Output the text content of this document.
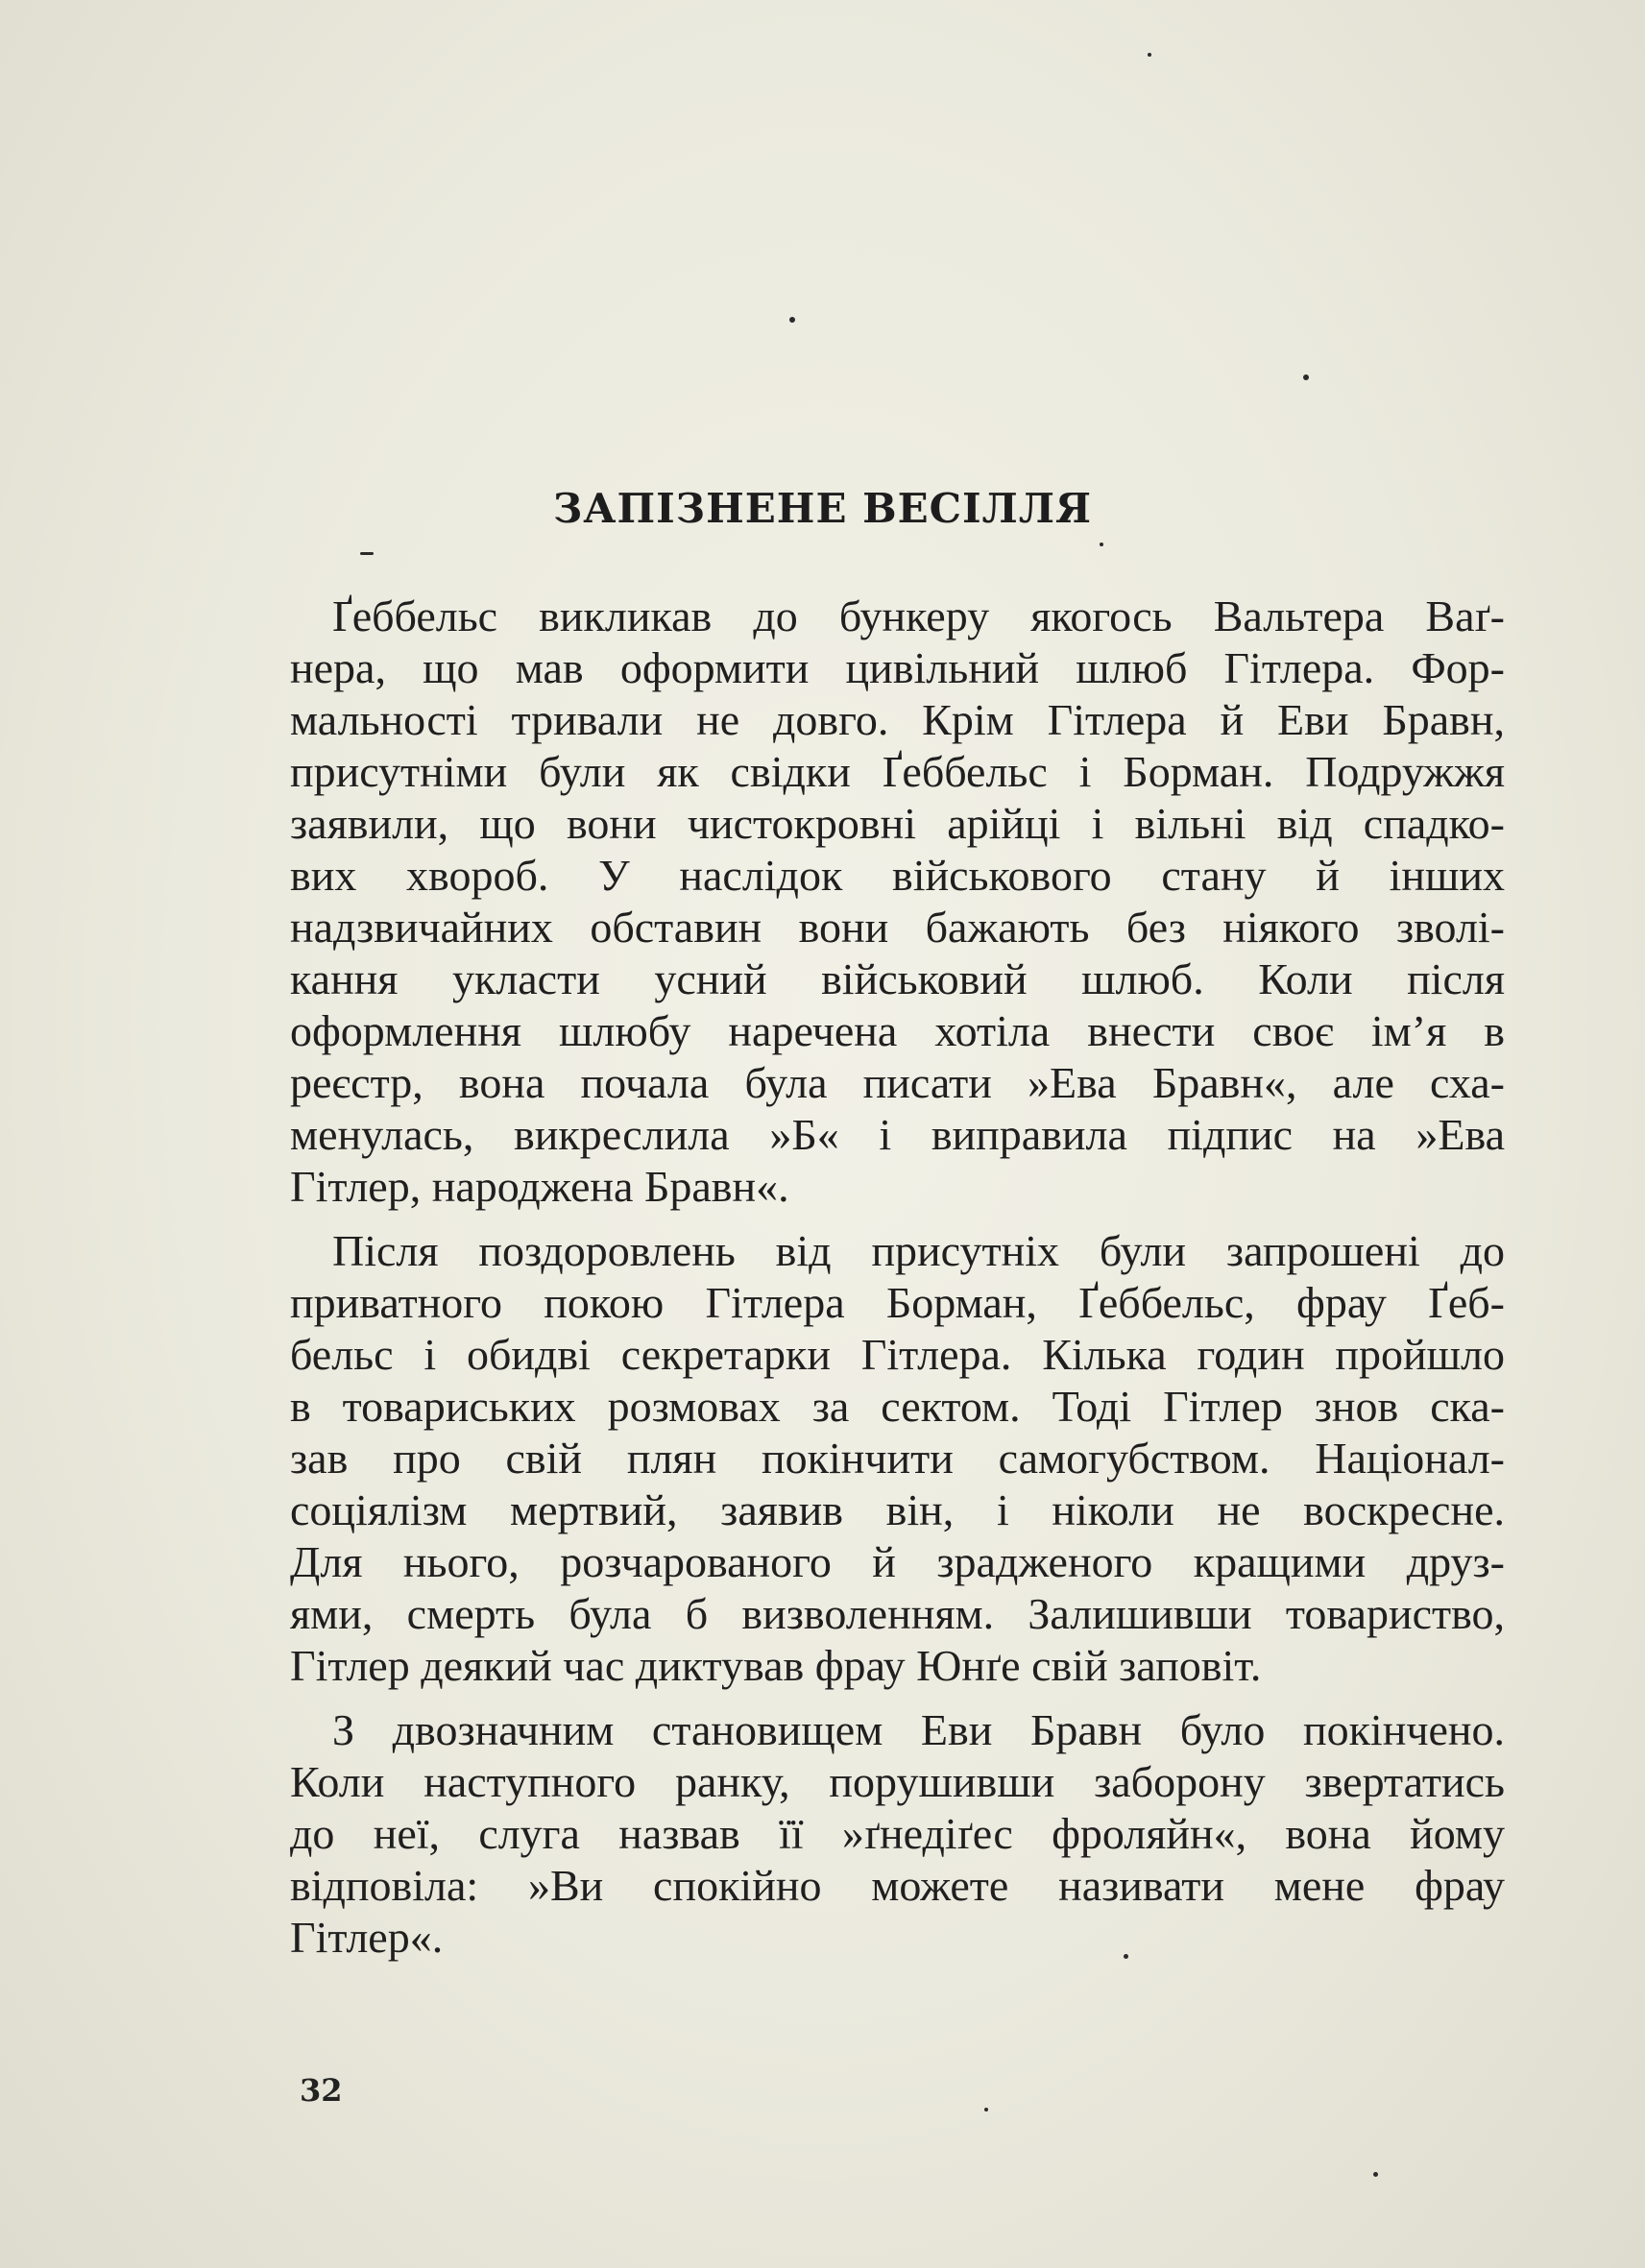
ЗАПІЗНЕНЕ ВЕСІЛЛЯ
Ґеббельс викликав до бункеру якогось Вальтера Ваґ-
нера, що мав оформити цивільний шлюб Гітлера. Фор-
мальності тривали не довго. Крім Гітлера й Еви Бравн,
присутніми були як свідки Ґеббельс і Борман. Подружжя
заявили, що вони чистокровні арійці і вільні від спадко-
вих хвороб. У наслідок військового стану й інших
надзвичайних обставин вони бажають без ніякого зволі-
кання укласти усний військовий шлюб. Коли після
оформлення шлюбу наречена хотіла внести своє ім’я в
реєстр, вона почала була писати »Ева Бравн«, але сха-
менулась, викреслила »Б« і виправила підпис на »Ева
Гітлер, народжена Бравн«.
Після поздоровлень від присутніх були запрошені до
приватного покою Гітлера Борман, Ґеббельс, фрау Ґеб-
бельс і обидві секретарки Гітлера. Кілька годин пройшло
в товариських розмовах за сектом. Тоді Гітлер знов ска-
зав про свій плян покінчити самогубством. Націонал-
соціялізм мертвий, заявив він, і ніколи не воскресне.
Для нього, розчарованого й зрадженого кращими друз-
ями, смерть була б визволенням. Залишивши товариство,
Гітлер деякий час диктував фрау Юнґе свій заповіт.
З двозначним становищем Еви Бравн було покінчено.
Коли наступного ранку, порушивши заборону звертатись
до неї, слуга назвав її »ґнедіґес фроляйн«, вона йому
відповіла: »Ви спокійно можете називати мене фрау
Гітлер«.
32
